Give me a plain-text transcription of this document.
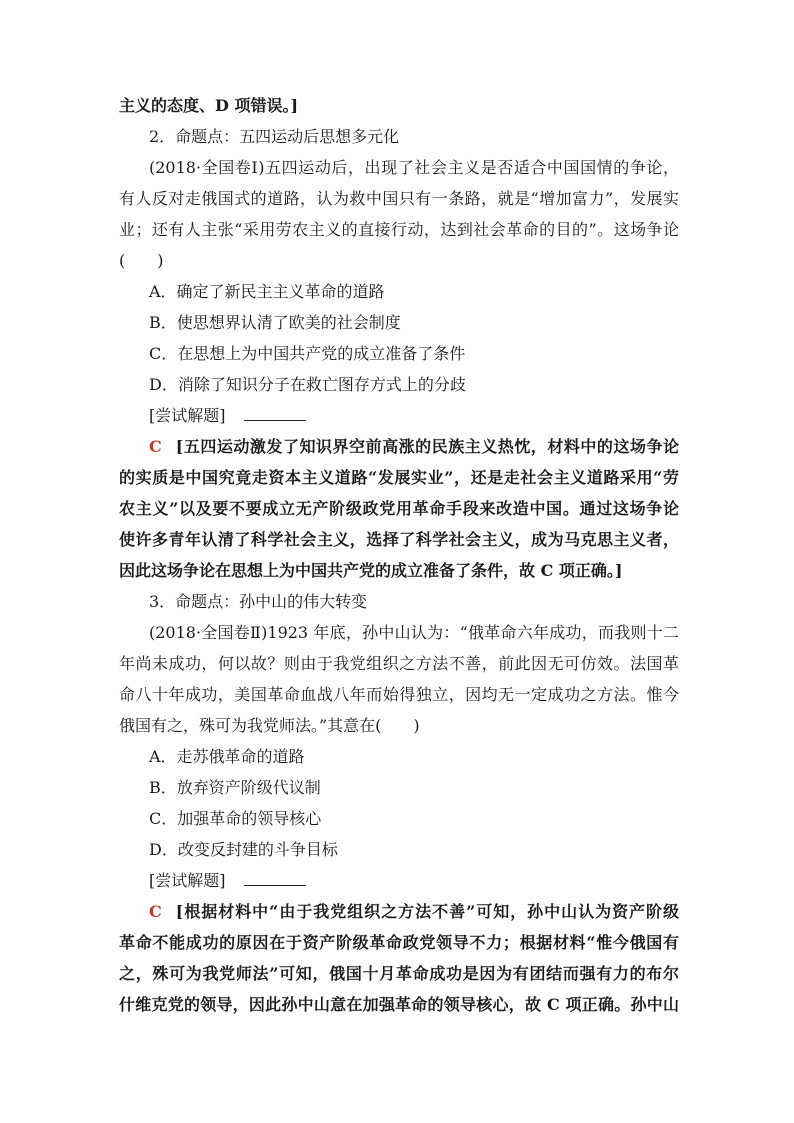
主义的态度、D 项错误。]
2．命题点：五四运动后思想多元化
(2018·全国卷Ⅰ)五四运动后，出现了社会主义是否适合中国国情的争论，
有人反对走俄国式的道路，认为救中国只有一条路，就是“增加富力”，发展实
业；还有人主张“采用劳农主义的直接行动，达到社会革命的目的”。这场争论
(　　)
A．确定了新民主主义革命的道路
B．使思想界认清了欧美的社会制度
C．在思想上为中国共产党的成立准备了条件
D．消除了知识分子在救亡图存方式上的分歧
[尝试解题]
C [五四运动激发了知识界空前高涨的民族主义热忱，材料中的这场争论
的实质是中国究竟走资本主义道路“发展实业”，还是走社会主义道路采用“劳
农主义”以及要不要成立无产阶级政党用革命手段来改造中国。通过这场争论
使许多青年认清了科学社会主义，选择了科学社会主义，成为马克思主义者，
因此这场争论在思想上为中国共产党的成立准备了条件，故 C 项正确。]
3．命题点：孙中山的伟大转变
(2018·全国卷Ⅱ)1923 年底，孙中山认为：“俄革命六年成功，而我则十二
年尚未成功，何以故？则由于我党组织之方法不善，前此因无可仿效。法国革
命八十年成功，美国革命血战八年而始得独立，因均无一定成功之方法。惟今
俄国有之，殊可为我党师法。”其意在(　　)
A．走苏俄革命的道路
B．放弃资产阶级代议制
C．加强革命的领导核心
D．改变反封建的斗争目标
[尝试解题]
C [根据材料中“由于我党组织之方法不善”可知，孙中山认为资产阶级
革命不能成功的原因在于资产阶级革命政党领导不力；根据材料“惟今俄国有
之，殊可为我党师法”可知，俄国十月革命成功是因为有团结而强有力的布尔
什维克党的领导，因此孙中山意在加强革命的领导核心，故 C 项正确。孙中山
